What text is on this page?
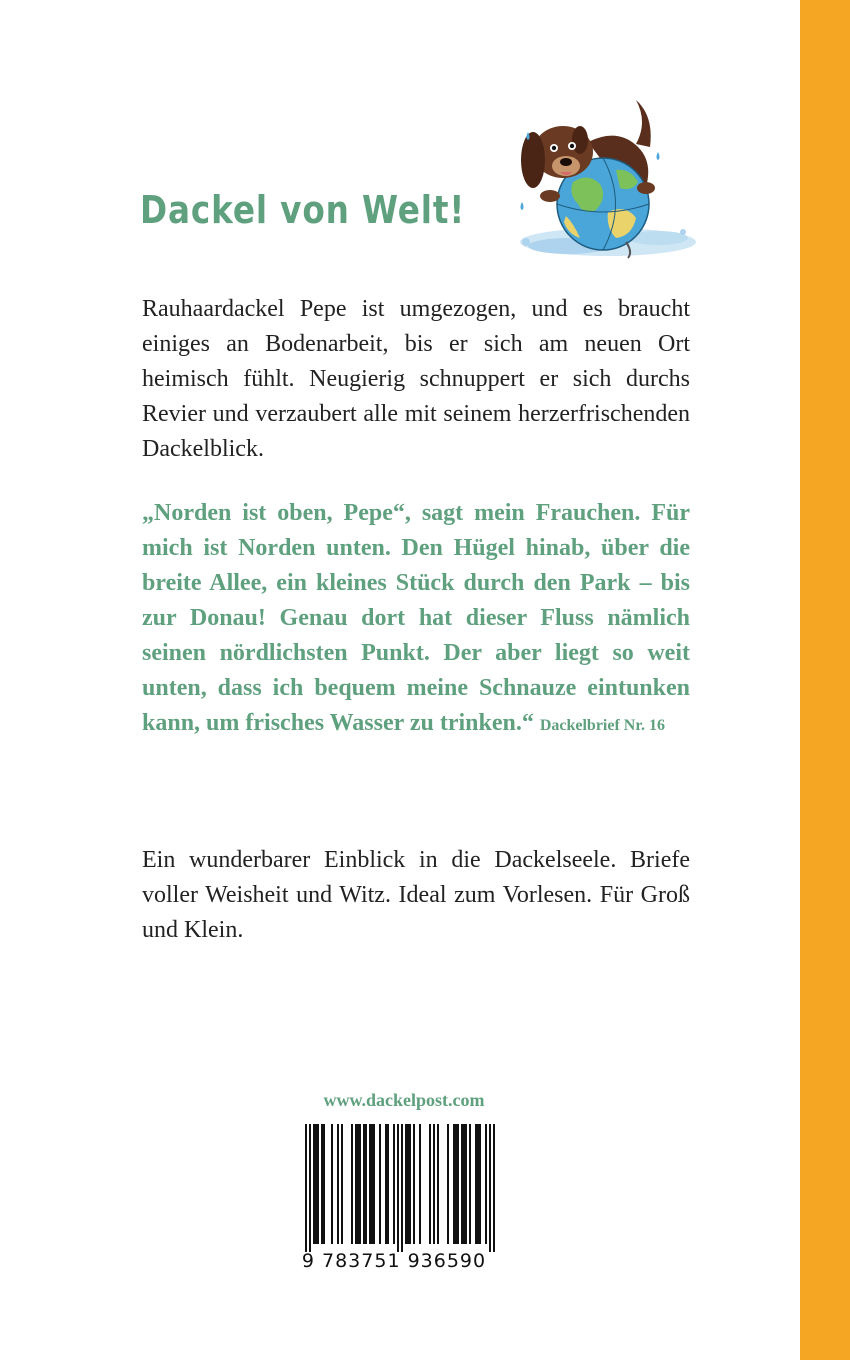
Dackel von Welt!

Rauhaardackel Pepe ist umgezogen, und es braucht einiges an Bodenarbeit, bis er sich am neuen Ort heimisch fühlt. Neugierig schnuppert er sich durchs Revier und verzaubert alle mit seinem herzerfrischenden Dackelblick.

„Norden ist oben, Pepe“, sagt mein Frauchen. Für mich ist Norden unten. Den Hügel hinab, über die breite Allee, ein kleines Stück durch den Park – bis zur Donau! Genau dort hat dieser Fluss nämlich seinen nördlichsten Punkt. Der aber liegt so weit unten, dass ich bequem meine Schnauze eintunken kann, um frisches Wasser zu trinken.“ Dackelbrief Nr. 16

Ein wunderbarer Einblick in die Dackelseele. Briefe voller Weisheit und Witz. Ideal zum Vorlesen. Für Groß und Klein.

www.dackelpost.com
9 783751 936590
